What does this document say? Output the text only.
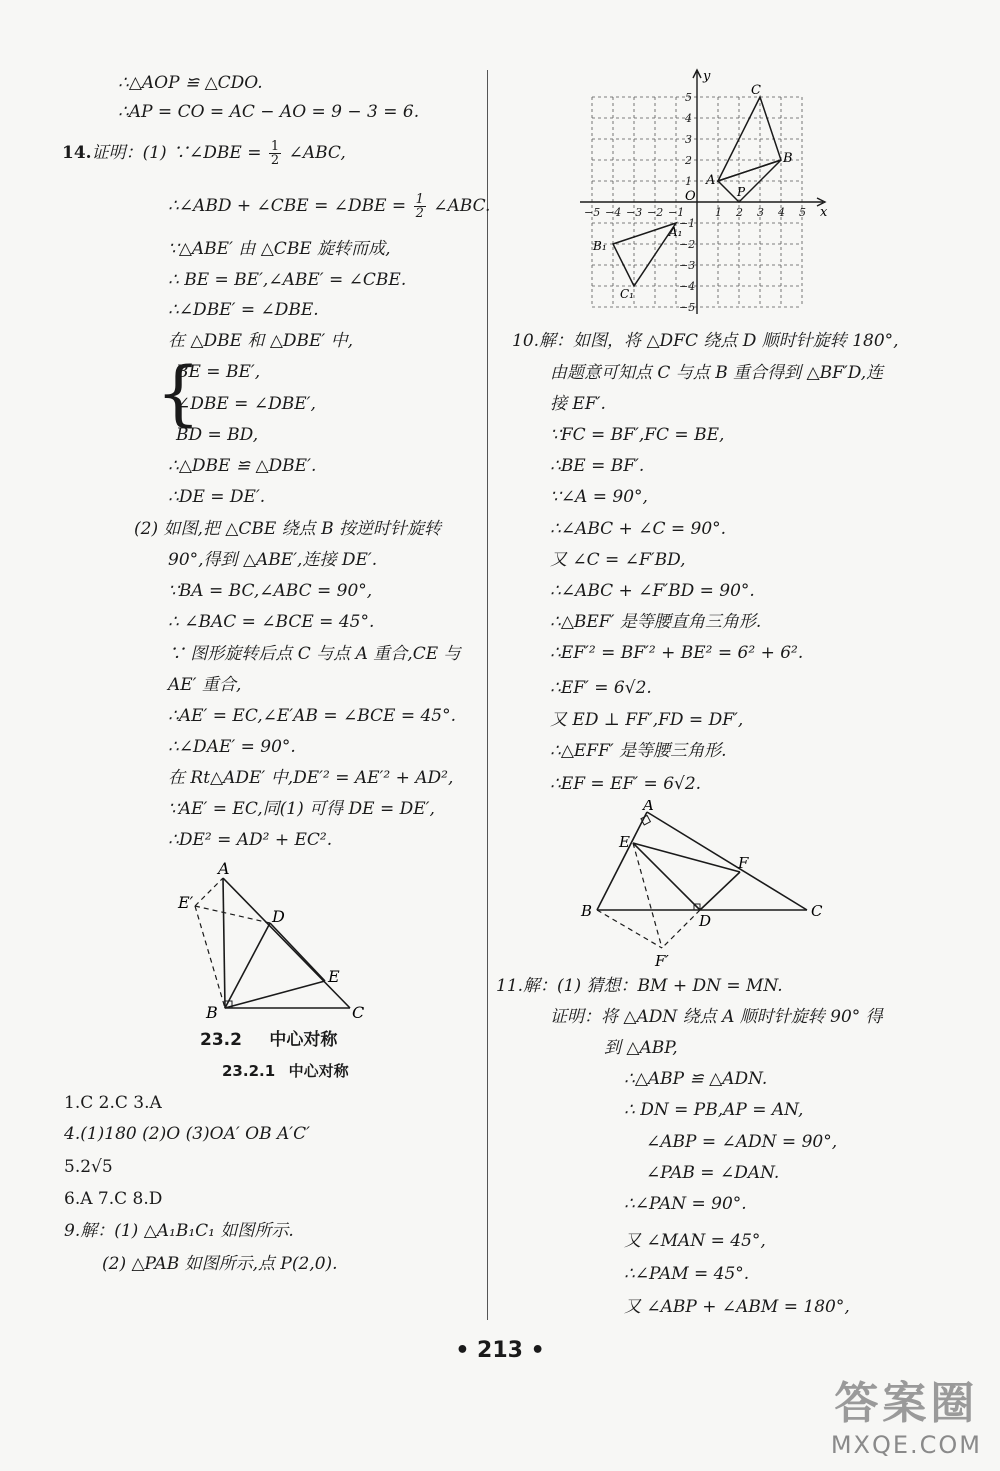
∴△AOP ≌ △CDO.
∴AP = CO = AC − AO = 9 − 3 = 6.
14.证明：(1) ∵∠DBE = $\frac{1}{2}$ ∠ABC,
∴∠ABD + ∠CBE = ∠DBE = $\frac{1}{2}$ ∠ABC.
∵△ABE′ 由 △CBE 旋转而成,
∴ BE = BE′,∠ABE′ = ∠CBE.
∴∠DBE′ = ∠DBE.
在 △DBE 和 △DBE′ 中,
{
BE = BE′,
∠DBE = ∠DBE′,
BD = BD,
∴△DBE ≌ △DBE′.
∴DE = DE′.
(2) 如图,把 △CBE 绕点 B 按逆时针旋转
90°,得到 △ABE′,连接 DE′.
∵BA = BC,∠ABC = 90°,
∴ ∠BAC = ∠BCE = 45°.
∵ 图形旋转后点 C 与点 A 重合,CE 与
AE′ 重合,
∴AE′ = EC,∠E′AB = ∠BCE = 45°.
∴∠DAE′ = 90°.
在 Rt△ADE′ 中,DE′² = AE′² + AD²,
∵AE′ = EC,同(1) 可得 DE = DE′,
∴DE² = AD² + EC².
A
E′
D
E
B	C
23.2 中心对称
23.2.1 中心对称
1.C 2.C 3.A
4.(1)180 (2)O (3)OA′ OB A′C′
5.2√5
6.A 7.C 8.D
9.解：(1) △A₁B₁C₁ 如图所示.
(2) △PAB 如图所示,点 P(2,0).
−5 −4 −3 −2 −1	1 2 3 4 5
5
4
3
2
1
−1
−2
−3
−4
−5
x
y
O
A
B
C
P
A₁
B₁
C₁
10.解：如图，将 △DFC 绕点 D 顺时针旋转 180°,
由题意可知点 C 与点 B 重合得到 △BF′D,连
接 EF′.
∵FC = BF′,FC = BE,
∴BE = BF′.
∵∠A = 90°,
∴∠ABC + ∠C = 90°.
又 ∠C = ∠F′BD,
∴∠ABC + ∠F′BD = 90°.
∴△BEF′ 是等腰直角三角形.
∴EF′² = BF′² + BE² = 6² + 6².
∴EF′ = 6√2.
又 ED ⊥ FF′,FD = DF′,
∴△EFF′ 是等腰三角形.
∴EF = EF′ = 6√2.
A
E
F
B	C
D
F′
11.解：(1) 猜想：BM + DN = MN.
证明：将 △ADN 绕点 A 顺时针旋转 90° 得
到 △ABP,
∴△ABP ≌ △ADN.
∴ DN = PB,AP = AN,
∠ABP = ∠ADN = 90°,
∠PAB = ∠DAN.
∴∠PAN = 90°.
又 ∠MAN = 45°,
∴∠PAM = 45°.
又 ∠ABP + ∠ABM = 180°,
• 213 •
答案圈
MXQE.COM
